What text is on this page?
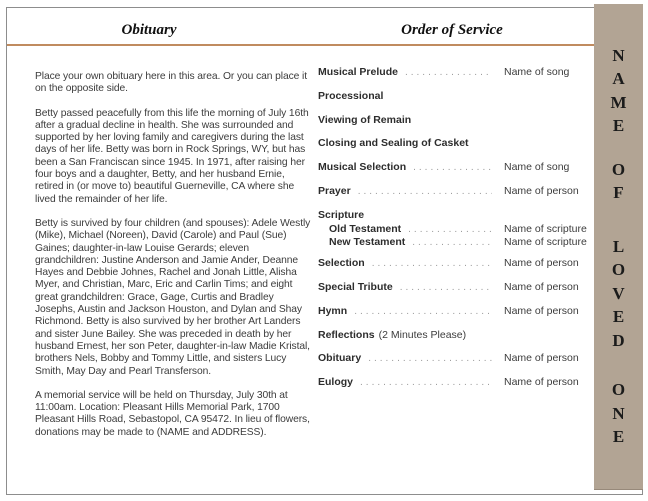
Obituary	Order of Service

Place your own obituary here in this area. Or you can place it on the opposite side.

Betty passed peacefully from this life the morning of July 16th after a gradual decline in health. She was surrounded and supported by her loving family and caregivers during the last days of her life. Betty was born in Rock Springs, WY, but has been a San Franciscan since 1945. In 1971, after raising her four boys and a daughter, Betty, and her husband Ernie, retired in (or move to) beautiful Guerneville, CA where she lived the remainder of her life.

Betty is survived by four children (and spouses): Adele Westly (Mike), Michael (Noreen), David (Carole) and Paul (Sue) Gaines; daughter-in-law Louise Gerards; eleven grandchildren: Justine Anderson and Jamie Ander, Deanne Hayes and Debbie Johnes, Rachel and Jonah Little, Alisha Myer, and Christian, Marc, Eric and Carlin Tims; and eight great grandchildren: Grace, Gage, Curtis and Bradley Josephs, Austin and Jackson Houston, and Dylan and Shay Richmond. Betty is also survived by her brother Art Landers and sister June Bailey. She was preceded in death by her husband Ernest, her son Peter, daughter-in-law Madie Kristal, brothers Nels, Bobby and Tommy Little, and sisters Lucy Smith, May Day and Pearl Transferson.

A memorial service will be held on Thursday, July 30th at 11:00am. Location: Pleasant Hills Memorial Park, 1700 Pleasant Hills Road, Sebastopol, CA 95472. In lieu of flowers, donations may be made to (NAME and ADDRESS).

Musical Prelude .....	Name of song
Processional
Viewing of Remain
Closing and Sealing of Casket
Musical Selection .....	Name of song
Prayer .....	Name of person
Scripture
Old Testament .....	Name of scripture
New Testament .....	Name of scripture
Selection .....	Name of person
Special Tribute .....	Name of person
Hymn .....	Name of person
Reflections (2 Minutes Please)
Obituary .....	Name of person
Eulogy .....	Name of person
N
A
M
E
O
F
L
O
V
E
D
O
N
E
